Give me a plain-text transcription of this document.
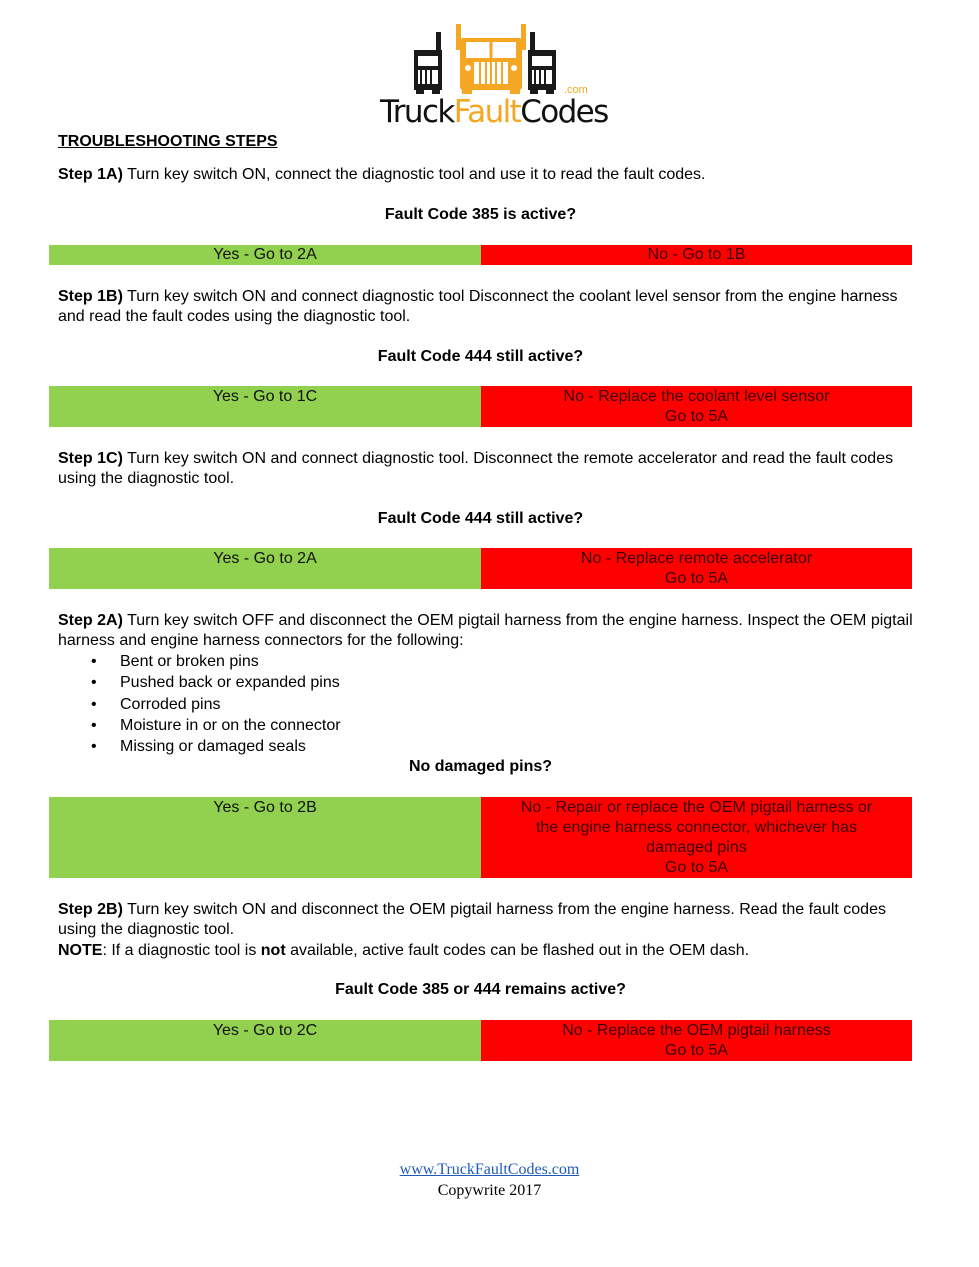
.com
TruckFaultCodes
TROUBLESHOOTING STEPS
Step 1A) Turn key switch ON, connect the diagnostic tool and use it to read the fault codes.
Fault Code 385 is active?
Yes - Go to 2A	No - Go to 1B
Step 1B) Turn key switch ON and connect diagnostic tool Disconnect the coolant level sensor from the engine harness and read the fault codes using the diagnostic tool.
Fault Code 444 still active?
Yes - Go to 1C	No - Replace the coolant level sensor
Go to 5A
Step 1C) Turn key switch ON and connect diagnostic tool. Disconnect the remote accelerator and read the fault codes using the diagnostic tool.
Fault Code 444 still active?
Yes - Go to 2A	No - Replace remote accelerator
Go to 5A
Step 2A) Turn key switch OFF and disconnect the OEM pigtail harness from the engine harness. Inspect the OEM pigtail harness and engine harness connectors for the following:
• Bent or broken pins
• Pushed back or expanded pins
• Corroded pins
• Moisture in or on the connector
• Missing or damaged seals
No damaged pins?
Yes - Go to 2B	No - Repair or replace the OEM pigtail harness or
the engine harness connector, whichever has
damaged pins
Go to 5A
Step 2B) Turn key switch ON and disconnect the OEM pigtail harness from the engine harness. Read the fault codes using the diagnostic tool.
NOTE: If a diagnostic tool is not available, active fault codes can be flashed out in the OEM dash.
Fault Code 385 or 444 remains active?
Yes - Go to 2C	No - Replace the OEM pigtail harness
Go to 5A
www.TruckFaultCodes.com
Copywrite 2017
